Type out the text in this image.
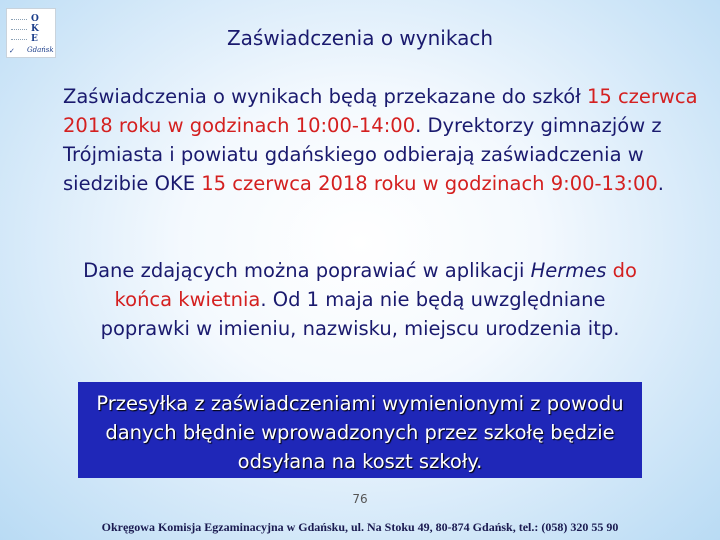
O
K
E
✓ Gdańsk	Zaświadczenia o wynikach
Zaświadczenia o wynikach będą przekazane do szkół 15 czerwca 2018 roku w godzinach 10:00-14:00. Dyrektorzy gimnazjów z Trójmiasta i powiatu gdańskiego odbierają zaświadczenia w siedzibie OKE 15 czerwca 2018 roku w godzinach 9:00-13:00.
Dane zdających można poprawiać w aplikacji Hermes do końca kwietnia. Od 1 maja nie będą uwzględniane poprawki w imieniu, nazwisku, miejscu urodzenia itp.
Przesyłka z zaświadczeniami wymienionymi z powodu danych błędnie wprowadzonych przez szkołę będzie odsyłana na koszt szkoły.
76
Okręgowa Komisja Egzaminacyjna w Gdańsku, ul. Na Stoku 49, 80-874 Gdańsk, tel.: (058) 320 55 90
